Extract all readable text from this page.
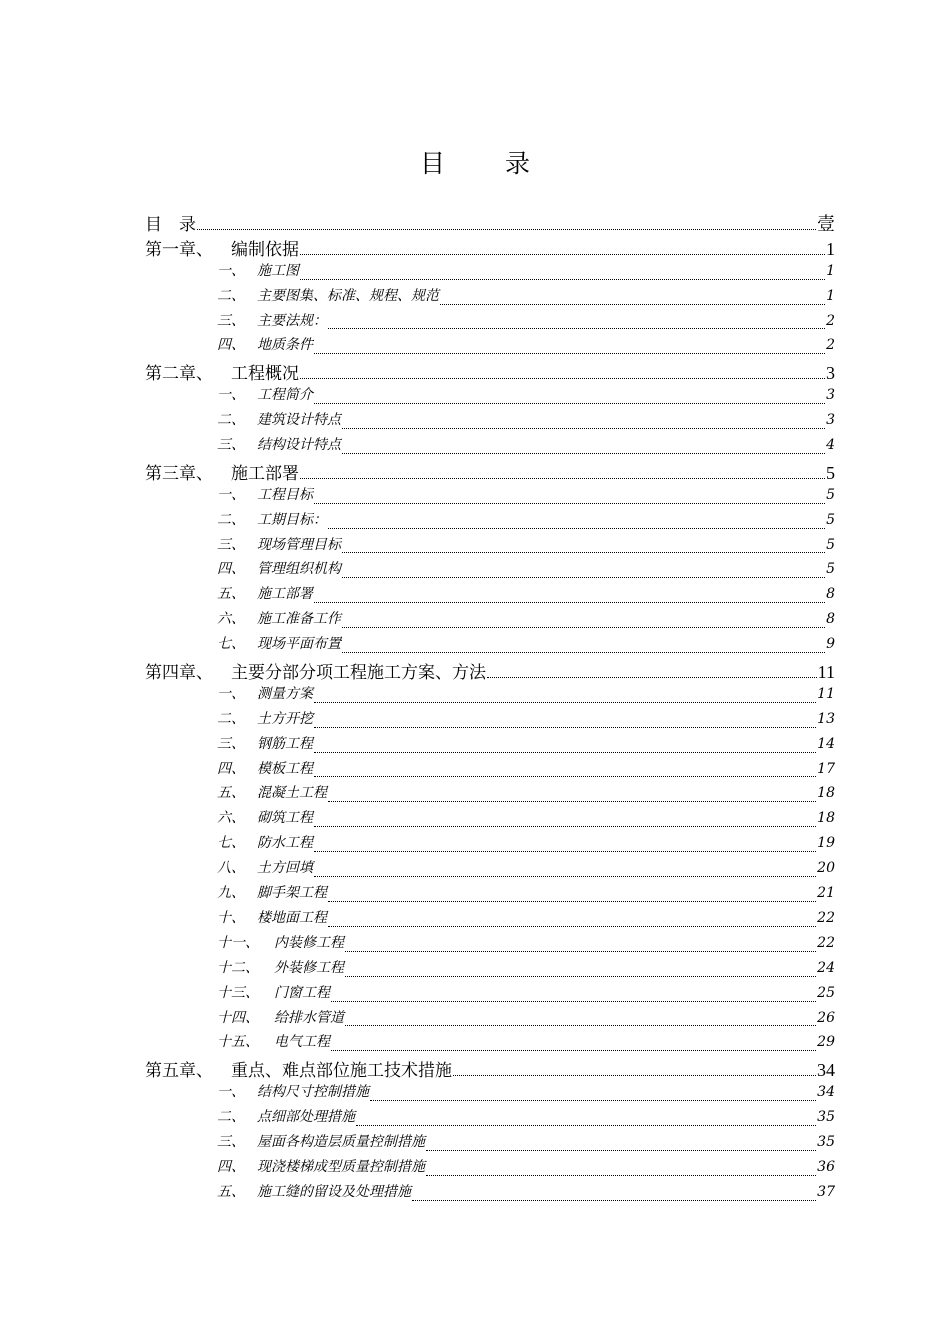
目 录
目　录	壹
第一章、	编制依据	1
一、 施工图	1
二、 主要图集、标准、规程、规范	1
三、 主要法规：	2
四、 地质条件	2
第二章、	工程概况	3
一、 工程简介	3
二、 建筑设计特点	3
三、 结构设计特点	4
第三章、	施工部署	5
一、 工程目标	5
二、 工期目标：	5
三、 现场管理目标	5
四、 管理组织机构	5
五、 施工部署	8
六、 施工准备工作	8
七、 现场平面布置	9
第四章、	主要分部分项工程施工方案、方法	11
一、 测量方案	11
二、 土方开挖	13
三、 钢筋工程	14
四、 模板工程	17
五、 混凝土工程	18
六、 砌筑工程	18
七、 防水工程	19
八、 土方回填	20
九、 脚手架工程	21
十、 楼地面工程	22
十一、	内装修工程	22
十二、	外装修工程	24
十三、	门窗工程	25
十四、	给排水管道	26
十五、	电气工程	29
第五章、	重点、难点部位施工技术措施	34
一、 结构尺寸控制措施	34
二、 点细部处理措施	35
三、 屋面各构造层质量控制措施	35
四、 现浇楼梯成型质量控制措施	36
五、 施工缝的留设及处理措施	37
